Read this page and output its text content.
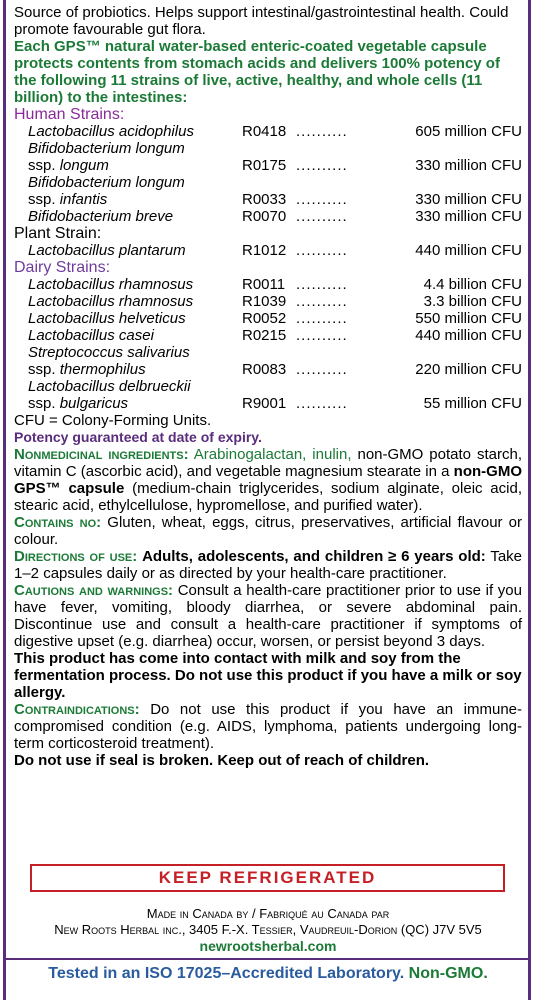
Source of probiotics. Helps support intestinal/gastrointestinal health. Could promote favourable gut flora.

Each GPS™ natural water-based enteric-coated vegetable capsule protects contents from stomach acids and delivers 100% potency of the following 11 strains of live, active, healthy, and whole cells (11 billion) to the intestines:

Human Strains:

Lactobacillus acidophilus	R0418 ..........	605 million CFU
Bifidobacterium longum
ssp. longum	R0175 ..........	330 million CFU
Bifidobacterium longum
ssp. infantis	R0033 ..........	330 million CFU
Bifidobacterium breve	R0070 ..........	330 million CFU

Plant Strain:

Lactobacillus plantarum	R1012 ..........	440 million CFU

Dairy Strains:

Lactobacillus rhamnosus	R0011 ..........	4.4 billion CFU
Lactobacillus rhamnosus	R1039 ..........	3.3 billion CFU
Lactobacillus helveticus	R0052 ..........	550 million CFU
Lactobacillus casei	R0215 ..........	440 million CFU
Streptococcus salivarius
ssp. thermophilus	R0083 ..........	220 million CFU
Lactobacillus delbrueckii
ssp. bulgaricus	R9001 ..........	55 million CFU

CFU = Colony-Forming Units.

Potency guaranteed at date of expiry.

Nonmedicinal ingredients: Arabinogalactan, inulin, non-GMO potato starch, vitamin C (ascorbic acid), and vegetable magnesium stearate in a non-GMO GPS™ capsule (medium-chain triglycerides, sodium alginate, oleic acid, stearic acid, ethylcellulose, hypromellose, and purified water).

Contains no: Gluten, wheat, eggs, citrus, preservatives, artificial flavour or colour.

Directions of use: Adults, adolescents, and children ≥ 6 years old: Take 1–2 capsules daily or as directed by your health-care practitioner.

Cautions and warnings: Consult a health-care practitioner prior to use if you have fever, vomiting, bloody diarrhea, or severe abdominal pain. Discontinue use and consult a health-care practitioner if symptoms of digestive upset (e.g. diarrhea) occur, worsen, or persist beyond 3 days.

This product has come into contact with milk and soy from the fermentation process. Do not use this product if you have a milk or soy allergy.

Contraindications: Do not use this product if you have an immune-compromised condition (e.g. AIDS, lymphoma, patients undergoing long-term corticosteroid treatment).

Do not use if seal is broken. Keep out of reach of children.

KEEP REFRIGERATED
Made in Canada by / Fabriqué au Canada par
New Roots Herbal inc., 3405 F.-X. Tessier, Vaudreuil-Dorion (QC) J7V 5V5
newrootsherbal.com
Tested in an ISO 17025–Accredited Laboratory. Non-GMO.
